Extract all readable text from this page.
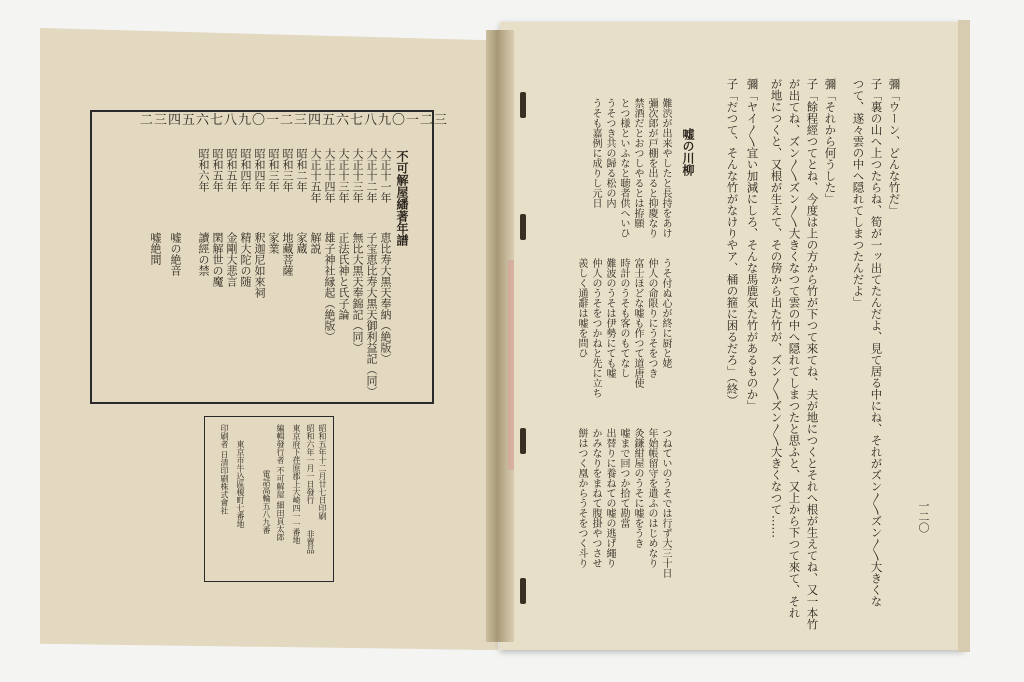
不可解屋繙著年譜
二三四五六七八九〇一二三四五六七八九〇一二三
大正十一年
大正十二年
大正十三年
大正十三年
大正十四年
大正十五年
昭和二年
昭和三年
昭和三年
昭和四年
昭和四年
昭和五年
昭和五年
昭和六年
恵比寿大黒天奉納（絶版）
子宝恵比寿大黒天御利益記（同）
無比大黒天奉錦記（同）
正法氏神と氏子論
雄子神社縁起（絶版）
解説
家蔵
地藏菩薩
家業
釈迦尼如來祠
精大陀の随
金剛大悲言
閑解世の魔
讀經の禁
嘘の絶音
嘘絶間
昭和五年十二月廿七日印刷
昭和六年一月一日發行
非賣品
東京府下荏原郡上大崎四一一番地
編輯發行者 不可解屋 細田頁太郎
電話高輪五八九番
東京市牛込區榎町七番地
印刷者 日清印刷株式會社
一二〇
彌「ウーン、どんな竹だ」
子「裏の山へ上つたらね、筍が一ッ出てたんだよ、見て居る中にね、それがズン〳〵ズン〳〵大きくな
つて、遂々雲の中へ隠れてしまつたんだよ」
彌「それから何うした」
子「餘程經つてとね、今度は上の方から竹が下つて來てね、夫が地につくとそれへ根が生えてね、又一本竹
が出てね、ズン〳〵ズン〳〵大きくなつて雲の中へ隠れてしまつたと思ふと、又上から下つて來て、それ
が地につくと、又根が生えて、その傍から出た竹が、ズン〳〵ズン〳〵大きくなつて……
彌「ヤイ〳〵宜い加減にしろ、そんな馬鹿気た竹があるものか」
子「だつて、そんな竹がなけりやア、桶の箍に困るだろ」（終）
嘘の川柳
難渋が出来やしたと長持をあけ
彌次郎が戸棚を出ると抑慶なり
禁酒だとおつしやるとは拵願
とつ様といふなと聴者供へいひ
うそつき共の歸る松の内
うそも嘉例に成りし元日
うそ付ぬ心が終に厨と姥
仲人の命限りにうそをつき
富士ほどな嘘も作つて道唐使
時計のうそも客のもてなし
難波のうそは伊勢にても嘘
仲人のうそをつかねと先に立ち
羨しく通辭は嘘を問ひ
つねていのうそでは行ず大三十日
年始帳留守を遣ふのはじめなり
灸鎌紺屋のうそに嘘をうき
嘘まで回つか拾て勘當
出替りに養ねての嘘の逃げ繩り
かみなりをまねて腹掛やつさせ
餅はつく凰からうそをつく斗り
